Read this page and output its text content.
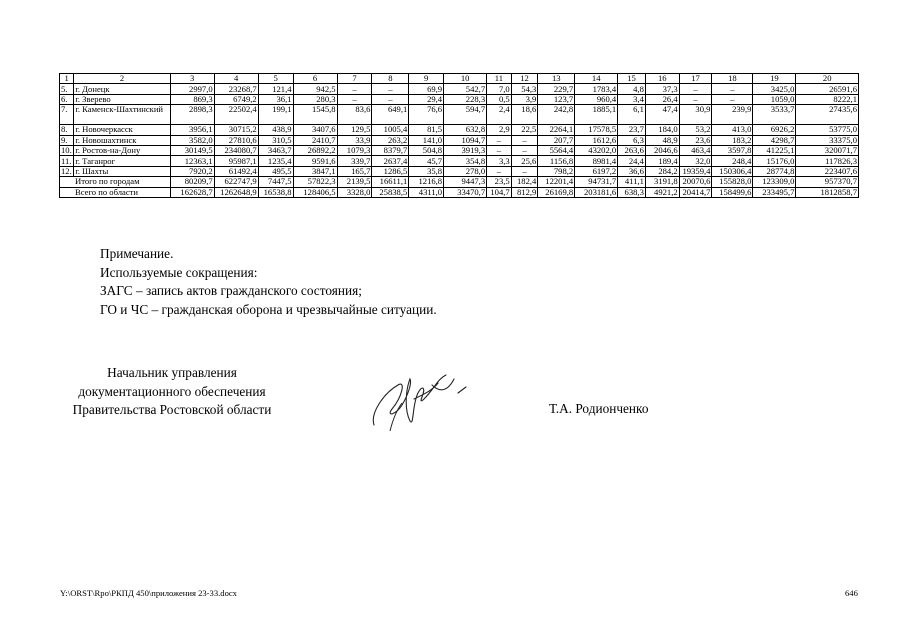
1	2	3	4	5	6	7	8	9	10	11	12	13	14	15	16	17	18	19	20
5.	г. Донецк	2997,0	23268,7	121,4	942,5	–	–	69,9	542,7	7,0	54,3	229,7	1783,4	4,8	37,3	–	–	3425,0	26591,6
6.	г. Зверево	869,3	6749,2	36,1	280,3	–	–	29,4	228,3	0,5	3,9	123,7	960,4	3,4	26,4	–	–	1059,0	8222,1
7.	г. Каменск-Шахтинский	2898,3	22502,4	199,1	1545,8	83,6	649,1	76,6	594,7	2,4	18,6	242,8	1885,1	6,1	47,4	30,9	239,9	3533,7	27435,6
8.	г. Новочеркасск	3956,1	30715,2	438,9	3407,6	129,5	1005,4	81,5	632,8	2,9	22,5	2264,1	17578,5	23,7	184,0	53,2	413,0	6926,2	53775,0
9.	г. Новошахтинск	3582,0	27810,6	310,5	2410,7	33,9	263,2	141,0	1094,7	–	–	207,7	1612,6	6,3	48,9	23,6	183,2	4298,7	33375,0
10.	г. Ростов-на-Дону	30149,5	234080,7	3463,7	26892,2	1079,3	8379,7	504,8	3919,3	–	–	5564,4	43202,0	263,6	2046,6	463,4	3597,8	41225,1	320071,7
11.	г. Таганрог	12363,1	95987,1	1235,4	9591,6	339,7	2637,4	45,7	354,8	3,3	25,6	1156,8	8981,4	24,4	189,4	32,0	248,4	15176,0	117826,3
12.	г. Шахты	7920,2	61492,4	495,5	3847,1	165,7	1286,5	35,8	278,0	–	–	798,2	6197,2	36,6	284,2	19359,4	150306,4	28774,8	223407,6
Итого по городам		80209,7	622747,9	7447,5	57822,3	2139,5	16611,1	1216,8	9447,3	23,5	182,4	12201,4	94731,7	411,1	3191,8	20070,6	155828,0	123309,0	957370,7
Всего по области		162628,7	1262648,9	16538,8	128406,5	3328,0	25838,5	4311,0	33470,7	104,7	812,9	26169,8	203181,6	638,3	4921,2	20414,7	158499,6	233495,7	1812858,7
Примечание.
Используемые сокращения:
ЗАГС – запись актов гражданского состояния;
ГО и ЧС – гражданская оборона и чрезвычайные ситуации.
Начальник управления
документационного обеспечения
Правительства Ростовской области	Т.А. Родионченко
Y:\ORST\Rpo\РКПД 450\приложения 23-33.docx	646
